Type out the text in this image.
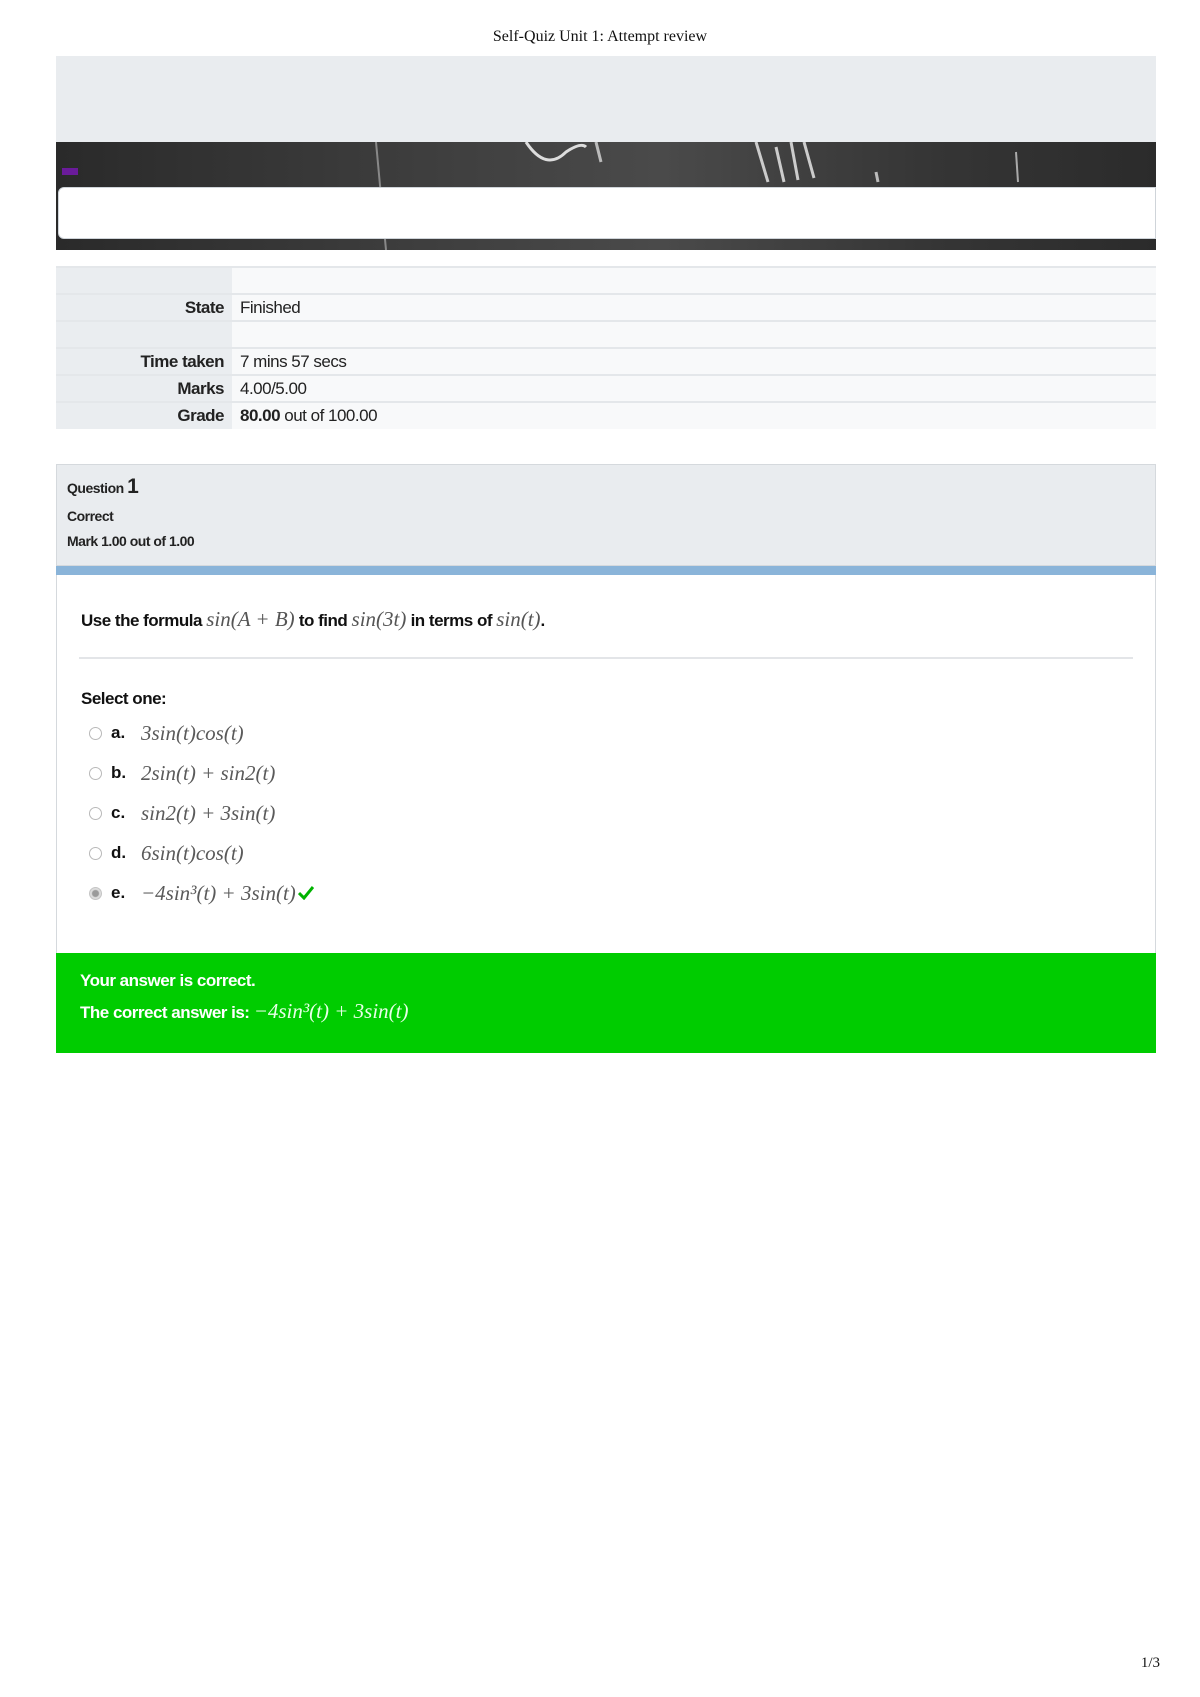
Self-Quiz Unit 1: Attempt review

State	Finished

Time taken	7 mins 57 secs
Marks	4.00/5.00
Grade	80.00 out of 100.00
Question 1
Correct
Mark 1.00 out of 1.00
Use the formula sin(A + B) to find sin(3t) in terms of sin(t).
Select one:
a. 3sin(t)cos(t)
b. 2sin(t) + sin2(t)
c. sin2(t) + 3sin(t)
d. 6sin(t)cos(t)
e. −4sin³(t) + 3sin(t)
Your answer is correct.
The correct answer is: −4sin³(t) + 3sin(t)
1/3
